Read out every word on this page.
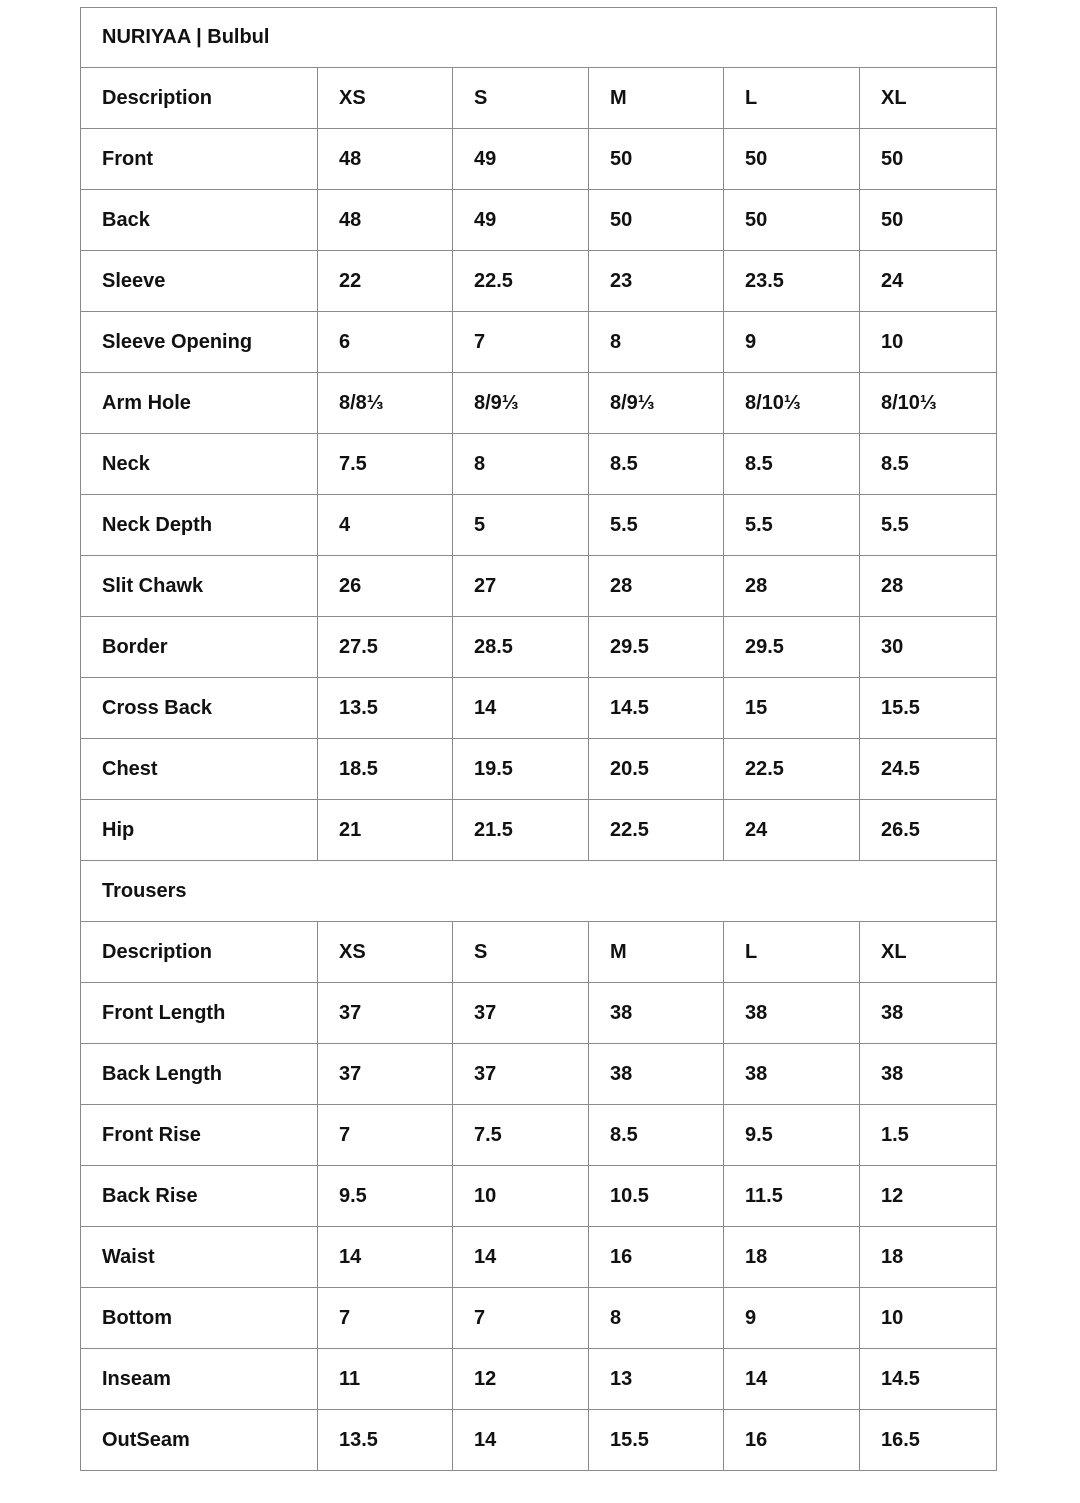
NURIYAA | Bulbul					
Description	XS	S	M	L	XL
Front	48	49	50	50	50
Back	48	49	50	50	50
Sleeve	22	22.5	23	23.5	24
Sleeve Opening	6	7	8	9	10
Arm Hole	8/8⅓	8/9⅓	8/9⅓	8/10⅓	8/10⅓
Neck	7.5	8	8.5	8.5	8.5
Neck Depth	4	5	5.5	5.5	5.5
Slit Chawk	26	27	28	28	28
Border	27.5	28.5	29.5	29.5	30
Cross Back	13.5	14	14.5	15	15.5
Chest	18.5	19.5	20.5	22.5	24.5
Hip	21	21.5	22.5	24	26.5
Trousers					
Description	XS	S	M	L	XL
Front Length	37	37	38	38	38
Back Length	37	37	38	38	38
Front Rise	7	7.5	8.5	9.5	1.5
Back Rise	9.5	10	10.5	11.5	12
Waist	14	14	16	18	18
Bottom	7	7	8	9	10
Inseam	11	12	13	14	14.5
OutSeam	13.5	14	15.5	16	16.5
